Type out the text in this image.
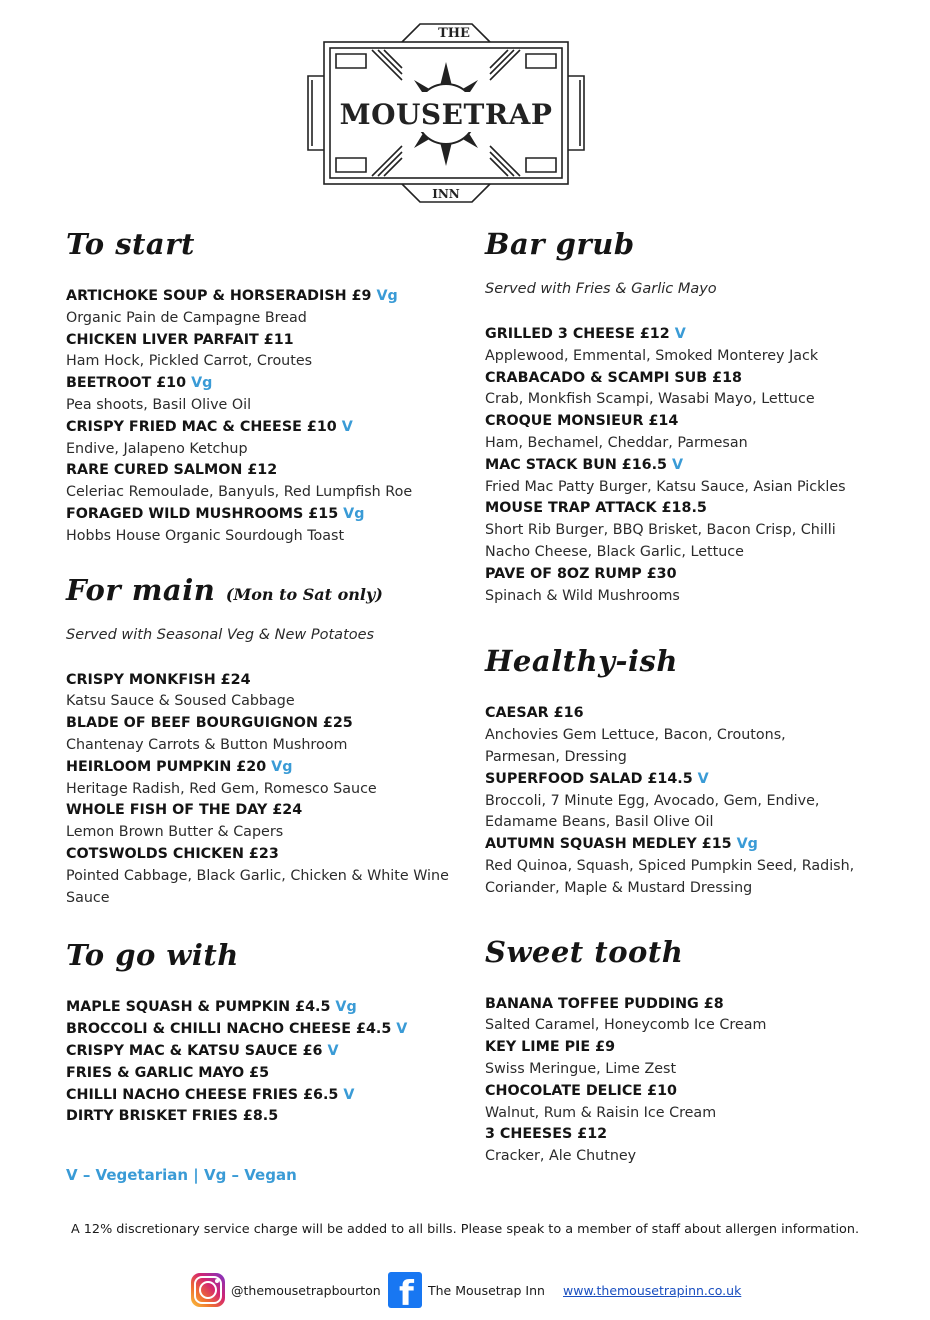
THE
MOUSETRAP
INN
To start
ARTICHOKE SOUP & HORSERADISH £9 Vg
Organic Pain de Campagne Bread
CHICKEN LIVER PARFAIT £11
Ham Hock, Pickled Carrot, Croutes
BEETROOT £10 Vg
Pea shoots, Basil Olive Oil
CRISPY FRIED MAC & CHEESE £10 V
Endive, Jalapeno Ketchup
RARE CURED SALMON £12
Celeriac Remoulade, Banyuls, Red Lumpfish Roe
FORAGED WILD MUSHROOMS £15 Vg
Hobbs House Organic Sourdough Toast
For main (Mon to Sat only)
Served with Seasonal Veg & New Potatoes
CRISPY MONKFISH £24
Katsu Sauce & Soused Cabbage
BLADE OF BEEF BOURGUIGNON £25
Chantenay Carrots & Button Mushroom
HEIRLOOM PUMPKIN £20 Vg
Heritage Radish, Red Gem, Romesco Sauce
WHOLE FISH OF THE DAY £24
Lemon Brown Butter & Capers
COTSWOLDS CHICKEN £23
Pointed Cabbage, Black Garlic, Chicken & White Wine Sauce
To go with
MAPLE SQUASH & PUMPKIN £4.5 Vg
BROCCOLI & CHILLI NACHO CHEESE £4.5 V
CRISPY MAC & KATSU SAUCE £6 V
FRIES & GARLIC MAYO £5
CHILLI NACHO CHEESE FRIES £6.5 V
DIRTY BRISKET FRIES £8.5
Bar grub
Served with Fries & Garlic Mayo
GRILLED 3 CHEESE £12 V
Applewood, Emmental, Smoked Monterey Jack
CRABACADO & SCAMPI SUB £18
Crab, Monkfish Scampi, Wasabi Mayo, Lettuce
CROQUE MONSIEUR £14
Ham, Bechamel, Cheddar, Parmesan
MAC STACK BUN £16.5 V
Fried Mac Patty Burger, Katsu Sauce, Asian Pickles
MOUSE TRAP ATTACK £18.5
Short Rib Burger, BBQ Brisket, Bacon Crisp, Chilli Nacho Cheese, Black Garlic, Lettuce
PAVE OF 8OZ RUMP £30
Spinach & Wild Mushrooms
Healthy-ish
CAESAR £16
Anchovies Gem Lettuce, Bacon, Croutons, Parmesan, Dressing
SUPERFOOD SALAD £14.5 V
Broccoli, 7 Minute Egg, Avocado, Gem, Endive, Edamame Beans, Basil Olive Oil
AUTUMN SQUASH MEDLEY £15 Vg
Red Quinoa, Squash, Spiced Pumpkin Seed, Radish, Coriander, Maple & Mustard Dressing
Sweet tooth
BANANA TOFFEE PUDDING £8
Salted Caramel, Honeycomb Ice Cream
KEY LIME PIE £9
Swiss Meringue, Lime Zest
CHOCOLATE DELICE £10
Walnut, Rum & Raisin Ice Cream
3 CHEESES £12
Cracker, Ale Chutney
V – Vegetarian | Vg – Vegan
A 12% discretionary service charge will be added to all bills. Please speak to a member of staff about allergen information.
@themousetrapbourton f The Mousetrap Inn www.themousetrapinn.co.uk
